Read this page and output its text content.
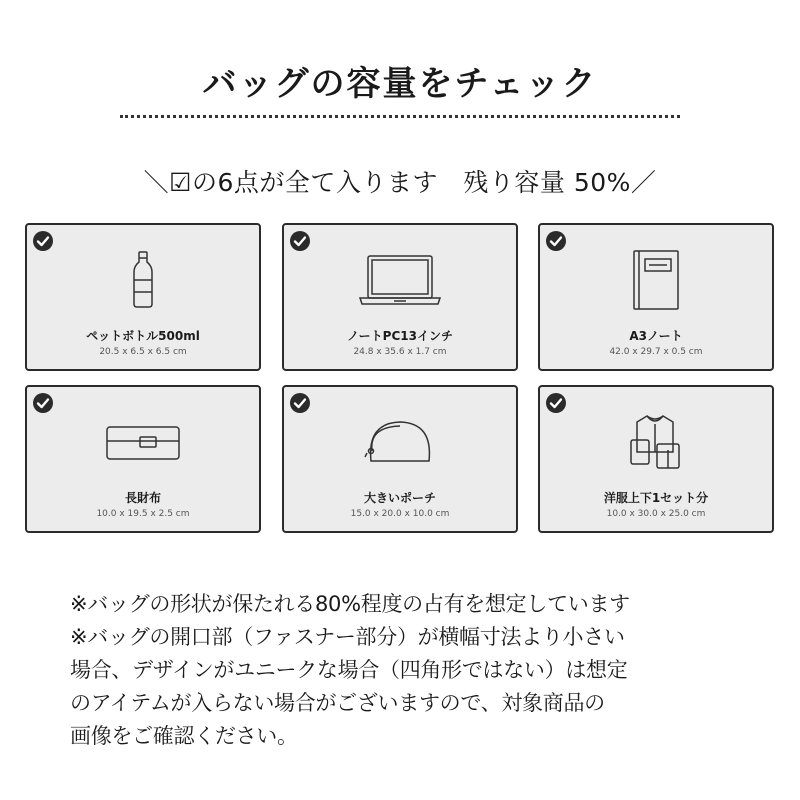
バッグの容量をチェック
＼☑の6点が全て入ります　残り容量 50%／
ペットボトル500ml
20.5 x 6.5 x 6.5 cm
ノートPC13インチ
24.8 x 35.6 x 1.7 cm
A3ノート
42.0 x 29.7 x 0.5 cm
長財布
10.0 x 19.5 x 2.5 cm
大きいポーチ
15.0 x 20.0 x 10.0 cm
洋服上下1セット分
10.0 x 30.0 x 25.0 cm
※バッグの形状が保たれる80%程度の占有を想定しています
※バッグの開口部（ファスナー部分）が横幅寸法より小さい
場合、デザインがユニークな場合（四角形ではない）は想定
のアイテムが入らない場合がございますので、対象商品の
画像をご確認ください。
